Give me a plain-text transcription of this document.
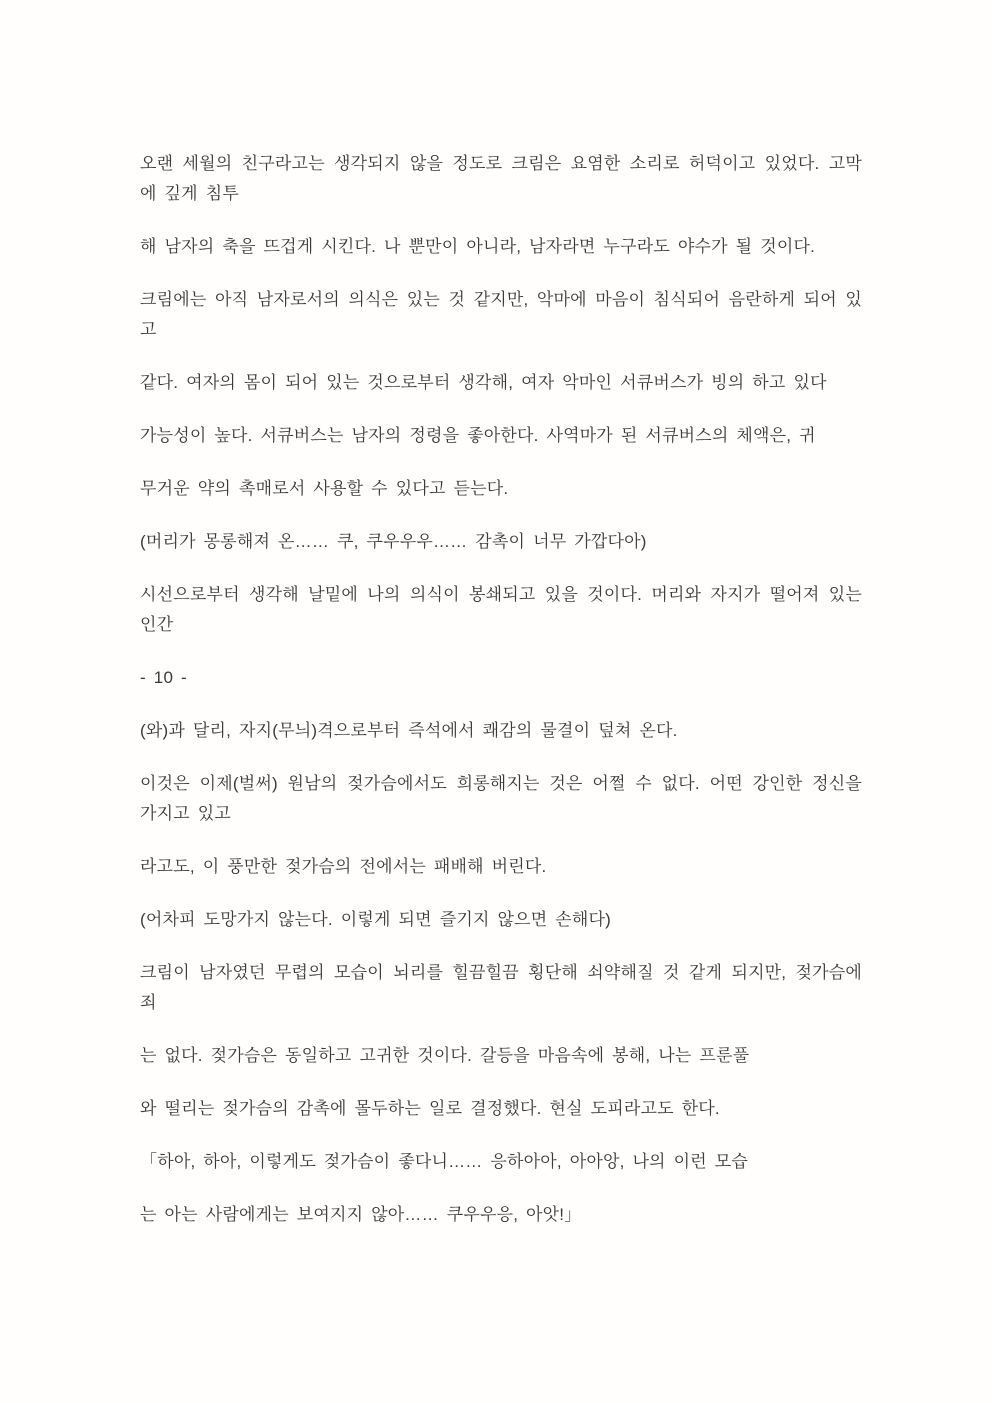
오랜 세월의 친구라고는 생각되지 않을 정도로 크림은 요염한 소리로 허덕이고 있었다. 고막
에 깊게 침투

해 남자의 축을 뜨겁게 시킨다. 나 뿐만이 아니라, 남자라면 누구라도 야수가 될 것이다.

크림에는 아직 남자로서의 의식은 있는 것 같지만, 악마에 마음이 침식되어 음란하게 되어 있
고

같다. 여자의 몸이 되어 있는 것으로부터 생각해, 여자 악마인 서큐버스가 빙의 하고 있다

가능성이 높다. 서큐버스는 남자의 정령을 좋아한다. 사역마가 된 서큐버스의 체액은, 귀

무거운 약의 촉매로서 사용할 수 있다고 듣는다.

(머리가 몽롱해져 온…… 쿠, 쿠우우우…… 감촉이 너무 가깝다아)

시선으로부터 생각해 날밑에 나의 의식이 봉쇄되고 있을 것이다. 머리와 자지가 떨어져 있는
인간

- 10 -

(와)과 달리, 자지(무늬)격으로부터 즉석에서 쾌감의 물결이 덮쳐 온다.

이것은 이제(벌써) 원남의 젖가슴에서도 희롱해지는 것은 어쩔 수 없다. 어떤 강인한 정신을
가지고 있고

라고도, 이 풍만한 젖가슴의 전에서는 패배해 버린다.

(어차피 도망가지 않는다. 이렇게 되면 즐기지 않으면 손해다)

크림이 남자였던 무렵의 모습이 뇌리를 힐끔힐끔 횡단해 쇠약해질 것 같게 되지만, 젖가슴에
죄

는 없다. 젖가슴은 동일하고 고귀한 것이다. 갈등을 마음속에 봉해, 나는 프룬풀

와 떨리는 젖가슴의 감촉에 몰두하는 일로 결정했다. 현실 도피라고도 한다.

「하아, 하아, 이렇게도 젖가슴이 좋다니…… 응하아아, 아아앙, 나의 이런 모습

는 아는 사람에게는 보여지지 않아…… 쿠우우응, 아앗!」
